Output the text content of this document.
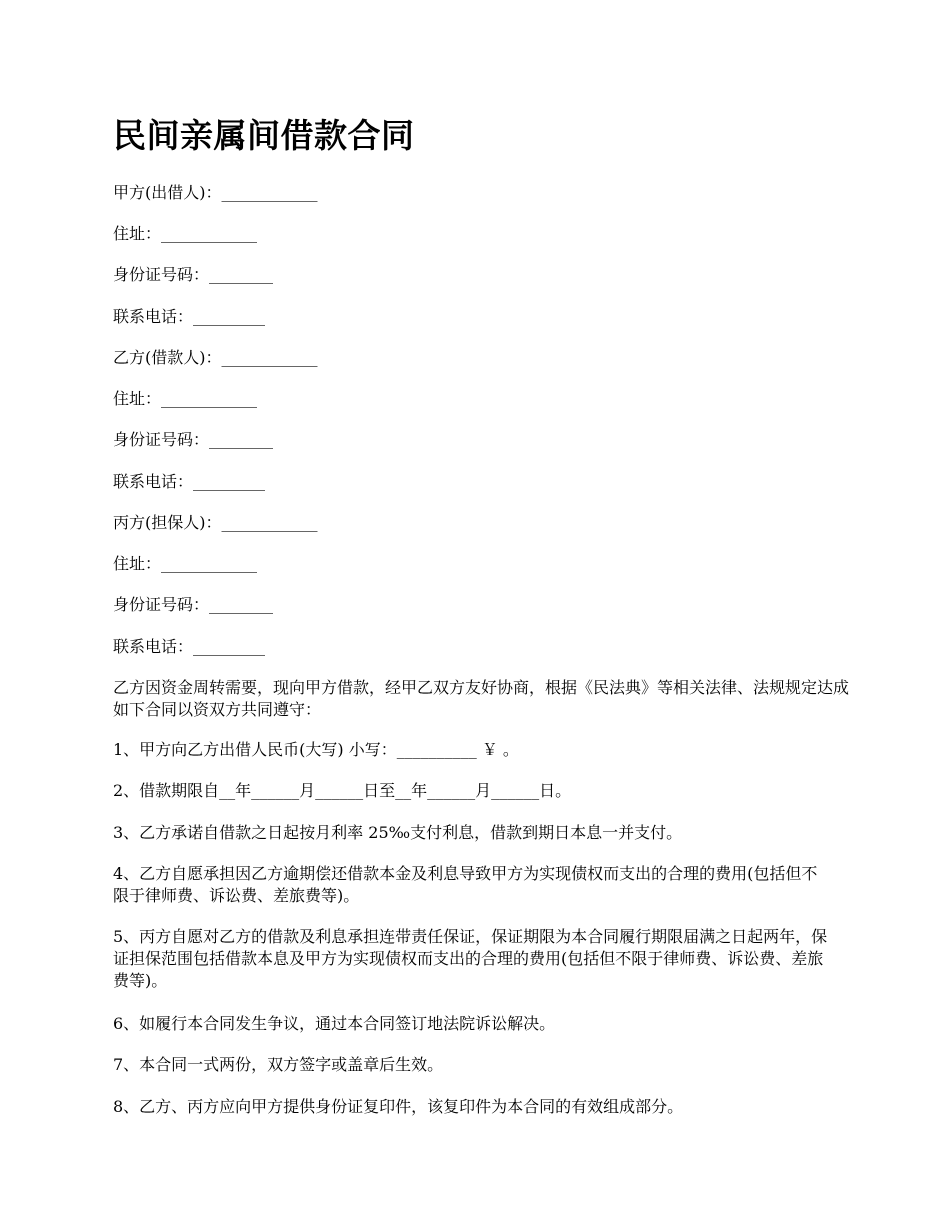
民间亲属间借款合同

甲方(出借人)：____________

住址：____________

身份证号码：________

联系电话：_________

乙方(借款人)：____________

住址：____________

身份证号码：________

联系电话：_________

丙方(担保人)：____________

住址：____________

身份证号码：________

联系电话：_________

乙方因资金周转需要，现向甲方借款，经甲乙双方友好协商，根据《民法典》等相关法律、法规规定达成如下合同以资双方共同遵守：

1、甲方向乙方出借人民币(大写) 小写：__________ ￥ 。

2、借款期限自__年______月______日至__年______月______日。

3、乙方承诺自借款之日起按月利率 25‰支付利息，借款到期日本息一并支付。

4、乙方自愿承担因乙方逾期偿还借款本金及利息导致甲方为实现债权而支出的合理的费用(包括但不限于律师费、诉讼费、差旅费等)。

5、丙方自愿对乙方的借款及利息承担连带责任保证，保证期限为本合同履行期限届满之日起两年，保证担保范围包括借款本息及甲方为实现债权而支出的合理的费用(包括但不限于律师费、诉讼费、差旅费等)。

6、如履行本合同发生争议，通过本合同签订地法院诉讼解决。

7、本合同一式两份，双方签字或盖章后生效。

8、乙方、丙方应向甲方提供身份证复印件，该复印件为本合同的有效组成部分。
